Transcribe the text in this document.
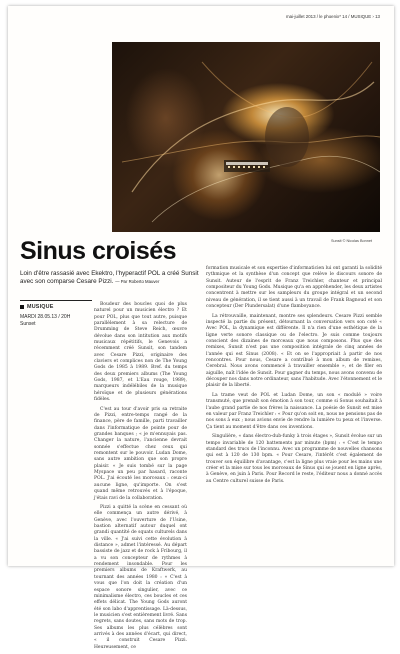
mai-juillet 2013 / le phoenix* 14 / MUSIQUE › 13
Sunsit © Nicolas Bonnet
Sinus croisés

Loin d'être rassasié avec Ekektro, l'hyperactif POL a créé Sunsit avec son comparse Cesare Pizzi. — Par Roberto Mauver

MUSIQUE
MARDI 28.05.13 / 20H
Sunset

Boudeur des boucles quoi de plus naturel pour un musicien électro ? Et pour POL, plus que tout autre, puisque parallèlement à sa relecture de Drumming de Steve Reich, œuvre dévolue dans son intitution aux motifs musicaux répétitifs, le Genevois a récemment créé Sunsit, son tandem avec Cesare Pizzi, originaire des claviers et complices non de The Young Gods de 1985 à 1989. Bref. du temps des deux premiers albums (The Young Gods, 1987, et L'Eau rouge, 1989), marqueurs indélébiles de la musique héroïque et de plusieurs générations fidèles.

C'est au tour d'avoir pris sa retraite de Pizzi, entre-temps rangé de la finance, père de famille, parti travailler dans l'informatique de pointe pour de grandes banques ; « je m'ennuyais pas. Changer la nature, l'ancienne devrait sonnée s'effectue chez ceux qui remontent sur le pouvoir. Ludan Dome, sans autre ambition que son propre plaisir. « Je suis tombé sur la page Myspace un peu par hasard, raconte POL. J'ai écouté les morceaux : ceux-ci aucune ligne, qu'importe. On s'est quand même retrouvés et à l'époque, j'étais ravi de la collaboration.

Pizzi a quitté la scène en cessant où elle commença un autre dérivé, à Genève, avec l'ouverture de l'Usine, bastion alternatif autour duquel ont grandi quantité de squats culturels dans la ville. « J'ai suivi cette évolution à distance », admet l'intéressé. Au départ bassiste de jazz et de rock à Fribourg, il a vu son concepteur de rythmes à rendement insondable. Pour les premiers albums de Kraftwerk, au tournant des années 1980 : « C'est à vous que l'on doit la création d'un espace sonore singulier, avec ce minimalisme électro, ces boucles et ces effets délicat. The Young Gods auront été son labo d'apprentissage. Là-dessus, le musicien s'est entièrement livré. Sans regrets, sans doutes, sans mots de trop. Ses albums les plus célèbres sont arrivés à des années d'écart, qui direct, « il construit Cesare Pizzi. Heureusement, ce

formation musicale et son expertise d'informaticien lui ont garanti la solidité rythmique et la synthèse d'un concept que relève le discours sonore de Sunsit. Auteur de l'esprit de Franz Treichler, chanteur et principal compositeur du Young Gods. Musique qu'a en appréhender, les deux artistes concentrent à mettre sur les sampleurs du groupe intégral et un second niveau de génération, il se tient aussi à un travail de Frank Bagnoud et son concepteur (Der Plundersalat) d'une flamboyance.

La rétrouvaille, maintenant, montre ses splendeurs. Cesare Pizzi semble inspecté la partie du présent, détournant la conversation vers son coté « Avec POL, la dynamique est différente. Il n'a rien d'une esthétique de la ligne verte sonore classique ou de l'electro. Je suis comme toujours conscient des dizaines de morceaux que nous composons. Plus que des remixes, Sunsit n'est pas une composition intégrale de cinq années de l'année qui est Sinus (2008). « Et on se l'appropriait à partir de nos rencontres. Pour nous, Cesare a contribué à mon album de remixes, Cerebral. Nous avons commencé à travailler ensemble », et de filer en aiguille, naît l'idée de Sunsit. Pour gagner du temps, nous avons convenu de découper nos dans notre ordinateur, sans l'habitude. Avec l'étonnement et le plaisir de la liberté.

La trame veut de POL et Ludan Dome, un son « modulé » voire transmuté, que prenaît son émotion à son tour, comme si Sonus souhaitait à l'aube grand partie de nos frères la naissance. La poésie de Sunsit est mise en valeur par Franz Treichler : « Pour qu'on soit en, nous ne pensions pas de nos sons à eux ; nous avions envie de rendre la lumière tu peux et l'inverse. Ça tient au moment d'être dans ces inventions.

Singulière, « dans électro-dub-funky à trois étages », Sunsit évolue sur un tempo invariable de 120 battements par minute (bpm) : « C'est le tempo standard des trucs de l'inconnu. Avec un programme de nouvelles chansons qui est à 120 de 130 bpm. « Pour Cesare, l'intérêt c'est également de trouver son équilibre d'avantage, c'est la ligne plus vraie pour les mains une créer et la mise sur tous les morceaux de Sinus qui se jouent en ligne après, à Genève, en juin à Paris. Pour Record le reste, l'éditeur nous a donné accès au Centre culturel suisse de Paris.
